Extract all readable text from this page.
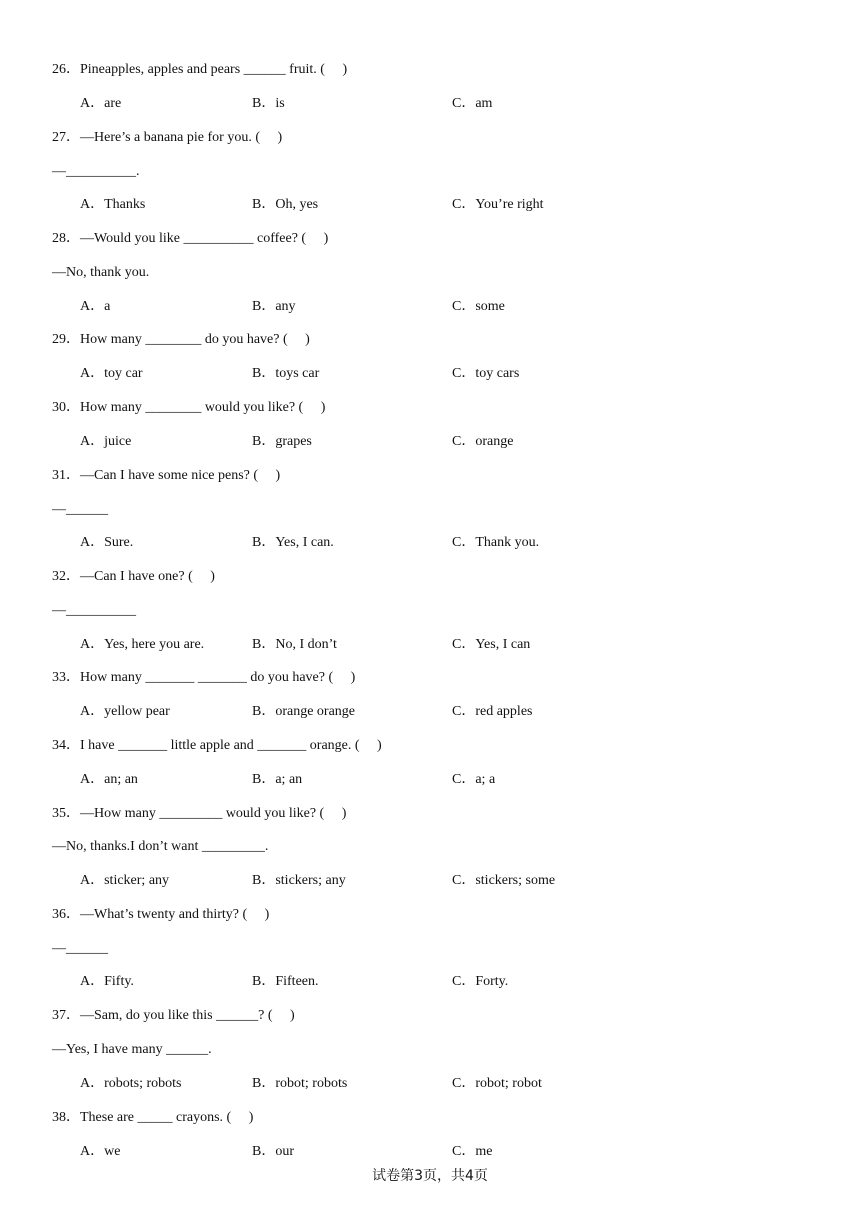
26．Pineapples, apples and pears ______ fruit. (     )
A．are	B．is	C．am
27．—Here’s a banana pie for you. (     )
—__________.
A．Thanks	B．Oh, yes	C．You’re right
28．—Would you like __________ coffee? (     )
—No, thank you.
A．a	B．any	C．some
29．How many ________ do you have? (     )
A．toy car	B．toys car	C．toy cars
30．How many ________ would you like? (     )
A．juice	B．grapes	C．orange
31．—Can I have some nice pens? (     )
—______
A．Sure.	B．Yes, I can.	C．Thank you.
32．—Can I have one? (     )
—__________
A．Yes, here you are.	B．No, I don’t	C．Yes, I can
33．How many _______ _______ do you have? (     )
A．yellow pear	B．orange orange	C．red apples
34．I have _______ little apple and _______ orange. (     )
A．an; an	B．a; an	C．a; a
35．—How many _________ would you like? (     )
—No, thanks.I don’t want _________.
A．sticker; any	B．stickers; any	C．stickers; some
36．—What’s twenty and thirty? (     )
—______
A．Fifty.	B．Fifteen.	C．Forty.
37．—Sam, do you like this ______? (     )
—Yes, I have many ______.
A．robots; robots	B．robot; robots	C．robot; robot
38．These are _____ crayons. (     )
A．we	B．our	C．me
试卷第3页，共4页
